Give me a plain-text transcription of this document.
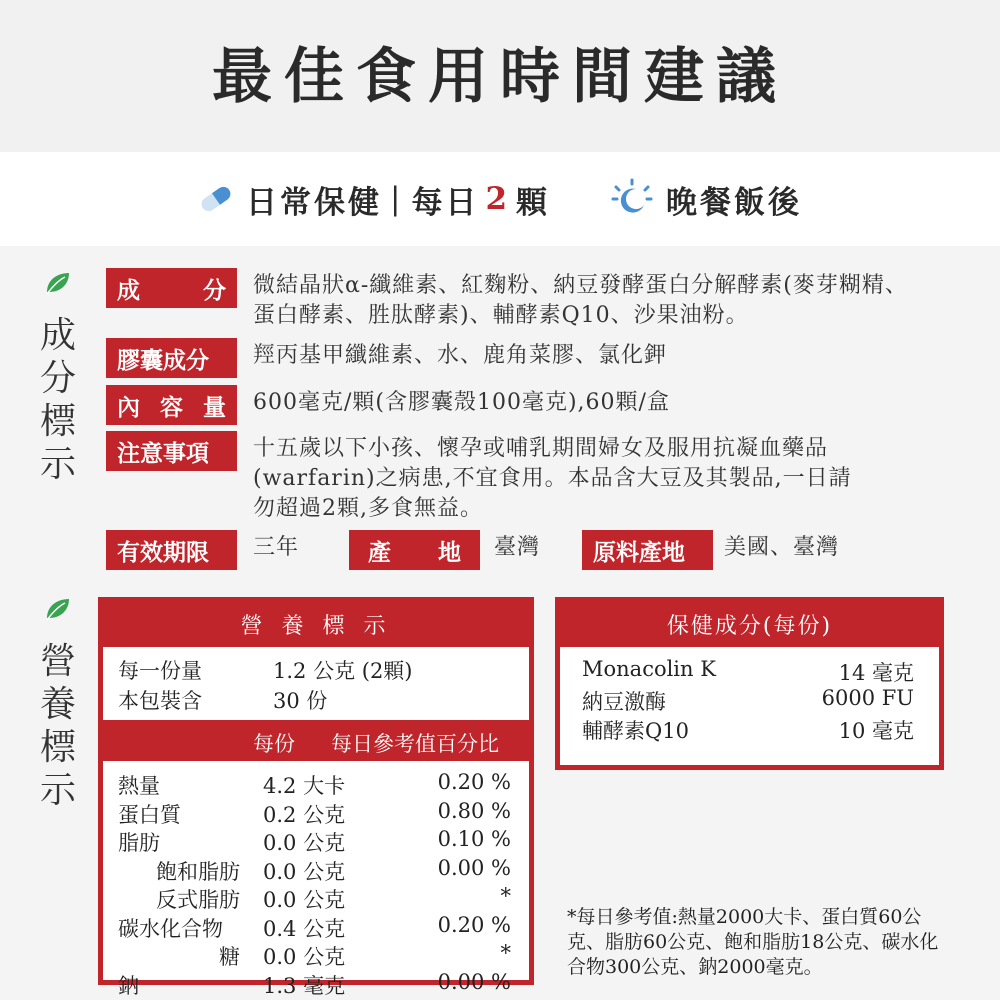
最佳食用時間建議
日常保健 | 每日 2 顆	晚餐飯後
成
分
標
示
成	分 微結晶狀α-纖維素、紅麴粉、納豆發酵蛋白分解酵素(麥芽糊精、
蛋白酵素、胜肽酵素)、輔酵素Q10、沙果油粉。
膠囊成分 羥丙基甲纖維素、水、鹿角菜膠、氯化鉀
內 容 量 600毫克/顆(含膠囊殼100毫克),60顆/盒
注意事項 十五歲以下小孩、懷孕或哺乳期間婦女及服用抗凝血藥品
(warfarin)之病患,不宜食用。本品含大豆及其製品,一日請
勿超過2顆,多食無益。
有效期限 三年	產 地 臺灣 原料產地 美國、臺灣
營
養
標
示
營 養 標 示
每一份量	1.2 公克 (2顆)
本包裝含	30 份
每份 每日參考值百分比
熱量	4.2 大卡	0.20 %
蛋白質	0.2 公克	0.80 %
脂肪	0.0 公克	0.10 %
飽和脂肪 0.0 公克	0.00 %
反式脂肪 0.0 公克	*
碳水化合物 0.4 公克	0.20 %
糖 0.0 公克	*
鈉	1.3 毫克	0.00 %
保健成分(每份)
Monacolin K	14 毫克
納豆激酶	6000 FU
輔酵素Q10	10 毫克
*每日參考值:熱量2000大卡、蛋白質60公
克、脂肪60公克、飽和脂肪18公克、碳水化
合物300公克、鈉2000毫克。
